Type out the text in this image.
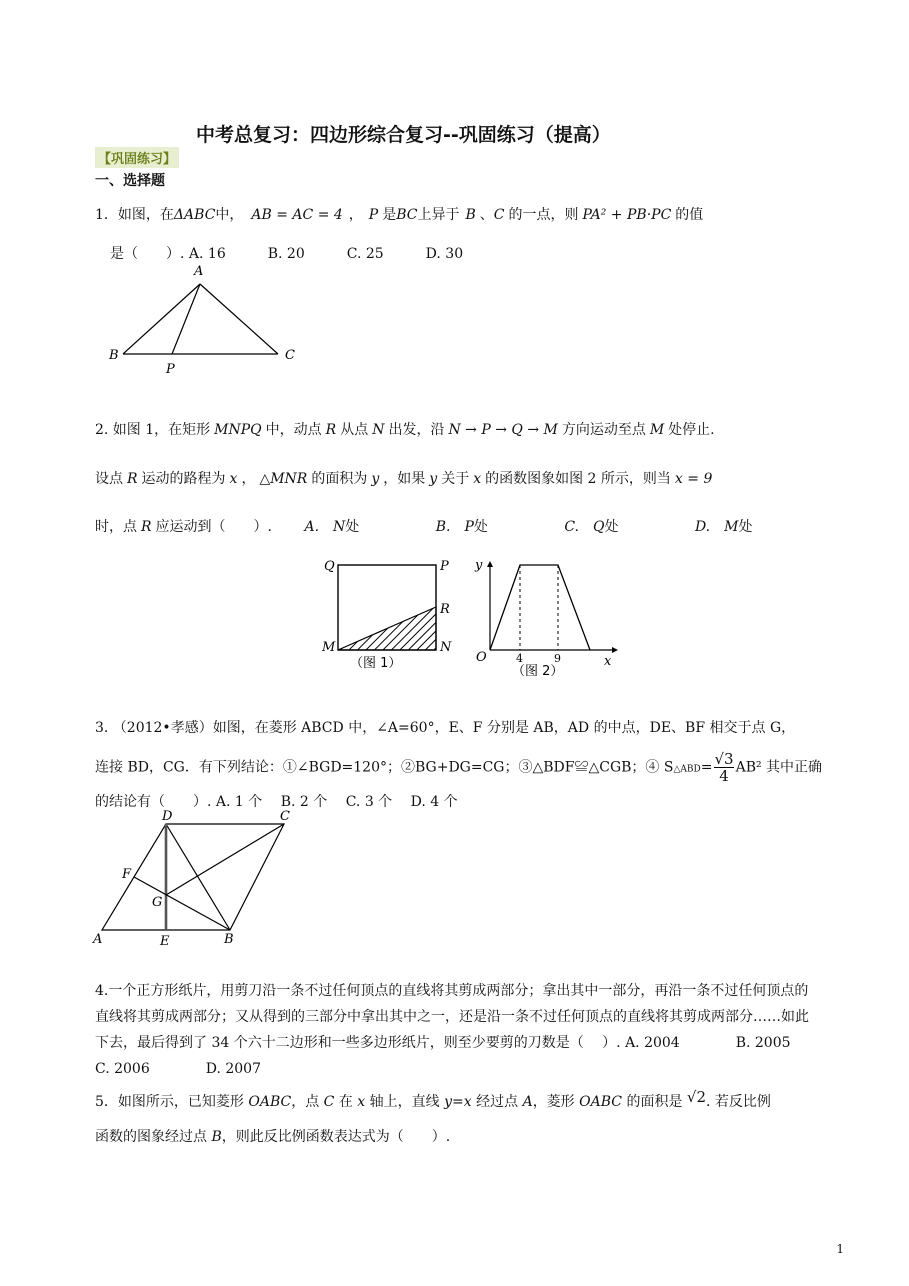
中考总复习：四边形综合复习--巩固练习（提高）
【巩固练习】
一、选择题
1．如图，在ΔABC中， AB = AC = 4 ， P 是BC上异于 B 、C 的一点，则 PA² + PB·PC 的值
是（　　）. A. 16　　　B. 20　　　C. 25　　　D. 30
A
B	C
P
2. 如图 1，在矩形 MNPQ 中，动点 R 从点 N 出发，沿 N → P → Q → M 方向运动至点 M 处停止.
设点 R 运动的路程为 x ， △MNR 的面积为 y ，如果 y 关于 x 的函数图象如图 2 所示，则当 x = 9
时，点 R 应运动到（　　）. A. N处	B. P处	C. Q处	D. M处
Q	P
R
M	N
（图 1）
y
O	x
4	9
（图 2）
3. （2012•孝感）如图，在菱形 ABCD 中，∠A=60°，E、F 分别是 AB，AD 的中点，DE、BF 相交于点 G，
连接 BD，CG．有下列结论：①∠BGD=120°；②BG+DG=CG；③△BDF≌△CGB；④ S△ABD= $\frac{√3}{4} AB^2$ 其中正确
的结论有（　　）. A. 1 个　 B. 2 个　 C. 3 个　 D. 4 个
D	C
F
G
A	E	B
4.一个正方形纸片，用剪刀沿一条不过任何顶点的直线将其剪成两部分；拿出其中一部分，再沿一条不过任何顶点的直线将其剪成两部分；又从得到的三部分中拿出其中之一，还是沿一条不过任何顶点的直线将其剪成两部分……如此下去，最后得到了 34 个六十二边形和一些多边形纸片，则至少要剪的刀数是（　 ）. A. 2004　　　　B. 2005　　　　C. 2006　　　　D. 2007
5．如图所示，已知菱形 OABC，点 C 在 x 轴上，直线 y=x 经过点 A，菱形 OABC 的面积是 √2. 若反比例
函数的图象经过点 B，则此反比例函数表达式为（　　）.
1
